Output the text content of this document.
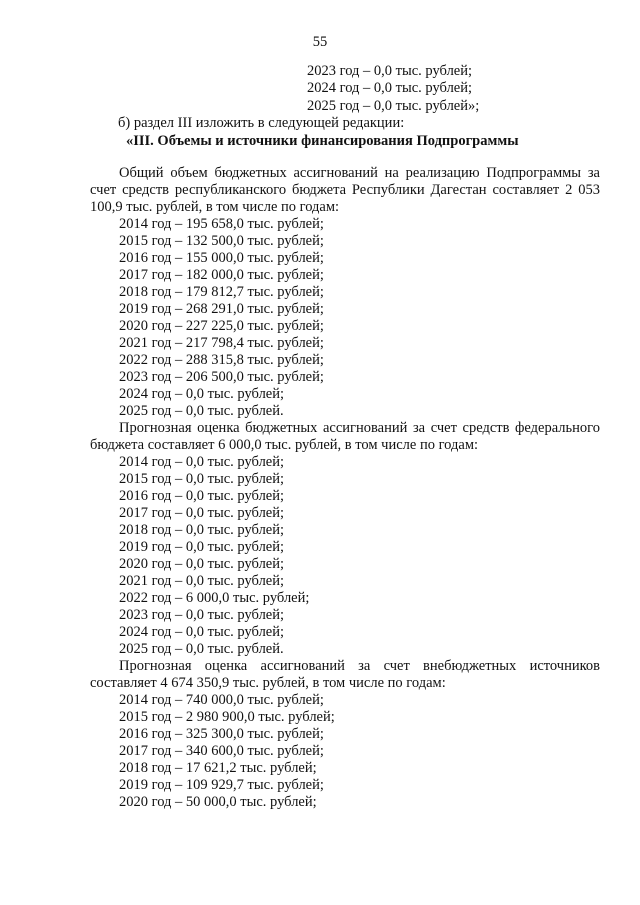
55
2023 год – 0,0 тыс. рублей;
2024 год – 0,0 тыс. рублей;
2025 год – 0,0 тыс. рублей»;
б) раздел III изложить в следующей редакции:
«III. Объемы и источники финансирования Подпрограммы

Общий объем бюджетных ассигнований на реализацию Подпрограммы за счет средств республиканского бюджета Республики Дагестан составляет 2 053 100,9 тыс. рублей, в том числе по годам:

2014 год – 195 658,0 тыс. рублей;
2015 год – 132 500,0 тыс. рублей;
2016 год – 155 000,0 тыс. рублей;
2017 год – 182 000,0 тыс. рублей;
2018 год – 179 812,7 тыс. рублей;
2019 год – 268 291,0 тыс. рублей;
2020 год – 227 225,0 тыс. рублей;
2021 год – 217 798,4 тыс. рублей;
2022 год – 288 315,8 тыс. рублей;
2023 год – 206 500,0 тыс. рублей;
2024 год – 0,0 тыс. рублей;
2025 год – 0,0 тыс. рублей.

Прогнозная оценка бюджетных ассигнований за счет средств федерального бюджета составляет 6 000,0 тыс. рублей, в том числе по годам:

2014 год – 0,0 тыс. рублей;
2015 год – 0,0 тыс. рублей;
2016 год – 0,0 тыс. рублей;
2017 год – 0,0 тыс. рублей;
2018 год – 0,0 тыс. рублей;
2019 год – 0,0 тыс. рублей;
2020 год – 0,0 тыс. рублей;
2021 год – 0,0 тыс. рублей;
2022 год – 6 000,0 тыс. рублей;
2023 год – 0,0 тыс. рублей;
2024 год – 0,0 тыс. рублей;
2025 год – 0,0 тыс. рублей.

Прогнозная оценка ассигнований за счет внебюджетных источников составляет 4 674 350,9 тыс. рублей, в том числе по годам:

2014 год – 740 000,0 тыс. рублей;
2015 год – 2 980 900,0 тыс. рублей;
2016 год – 325 300,0 тыс. рублей;
2017 год – 340 600,0 тыс. рублей;
2018 год – 17 621,2 тыс. рублей;
2019 год – 109 929,7 тыс. рублей;
2020 год – 50 000,0 тыс. рублей;
